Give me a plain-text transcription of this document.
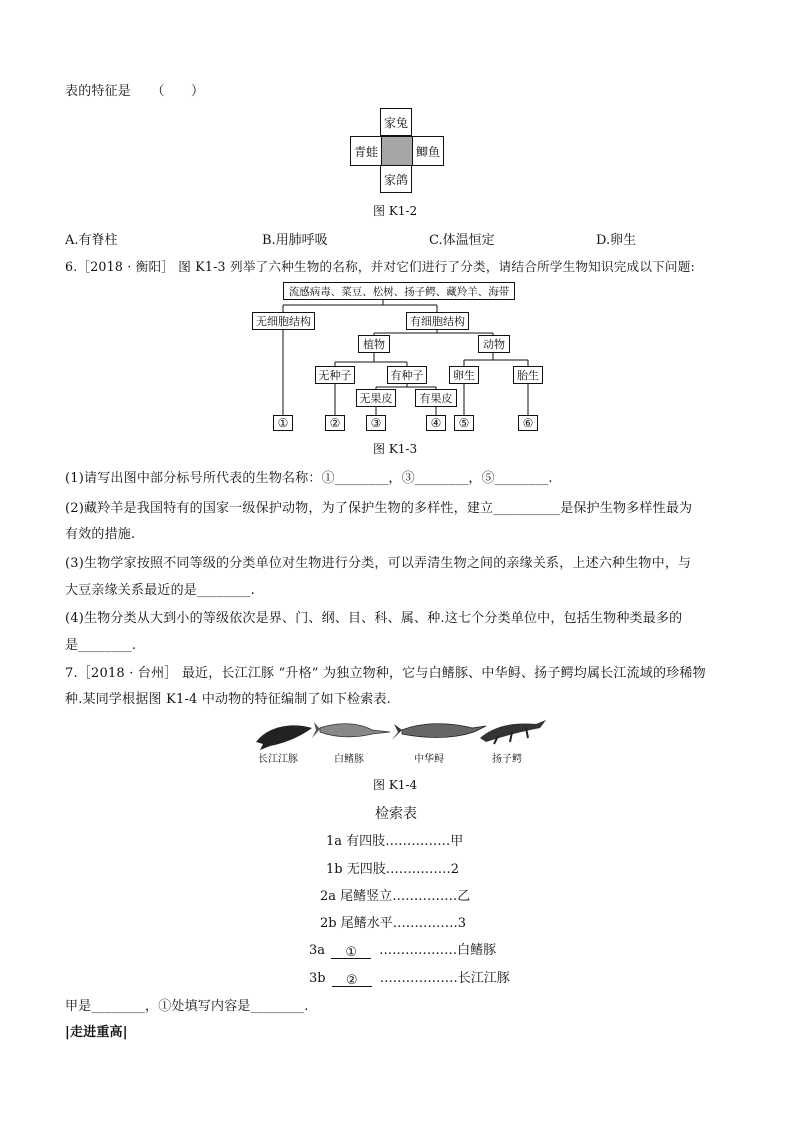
表的特征是 （　　）
家兔
青蛙	鲫鱼
家鸽
图 K1-2
A.有脊柱	B.用肺呼吸	C.体温恒定	D.卵生
6.［2018 · 衡阳］ 图 K1-3 列举了六种生物的名称，并对它们进行了分类，请结合所学生物知识完成以下问题:
流感病毒、菜豆、松树、扬子鳄、藏羚羊、海带
无细胞结构	有细胞结构
植物	动物
无种子	有种子
无果皮	有果皮
卵生	胎生
①	②	③	④	⑤	⑥
图 K1-3
(1)请写出图中部分标号所代表的生物名称：①________，③________，⑤________.
(2)藏羚羊是我国特有的国家一级保护动物，为了保护生物的多样性，建立__________是保护生物多样性最为
有效的措施.
(3)生物学家按照不同等级的分类单位对生物进行分类，可以弄清生物之间的亲缘关系，上述六种生物中，与
大豆亲缘关系最近的是________.
(4)生物分类从大到小的等级依次是界、门、纲、目、科、属、种.这七个分类单位中，包括生物种类最多的
是________.
7.［2018 · 台州］ 最近，长江江豚 “升格” 为独立物种，它与白鳍豚、中华鲟、扬子鳄均属长江流域的珍稀物
种.某同学根据图 K1-4 中动物的特征编制了如下检索表.
长江江豚	白鳍豚	中华鲟	扬子鳄
图 K1-4
检索表
1a 有四肢……………甲
1b 无四肢……………2
2a 尾鳍竖立……………乙
2b 尾鳍水平……………3
3a ① ………………白鳍豚
3b ② ………………长江江豚
甲是________，①处填写内容是________.
|走进重高|
